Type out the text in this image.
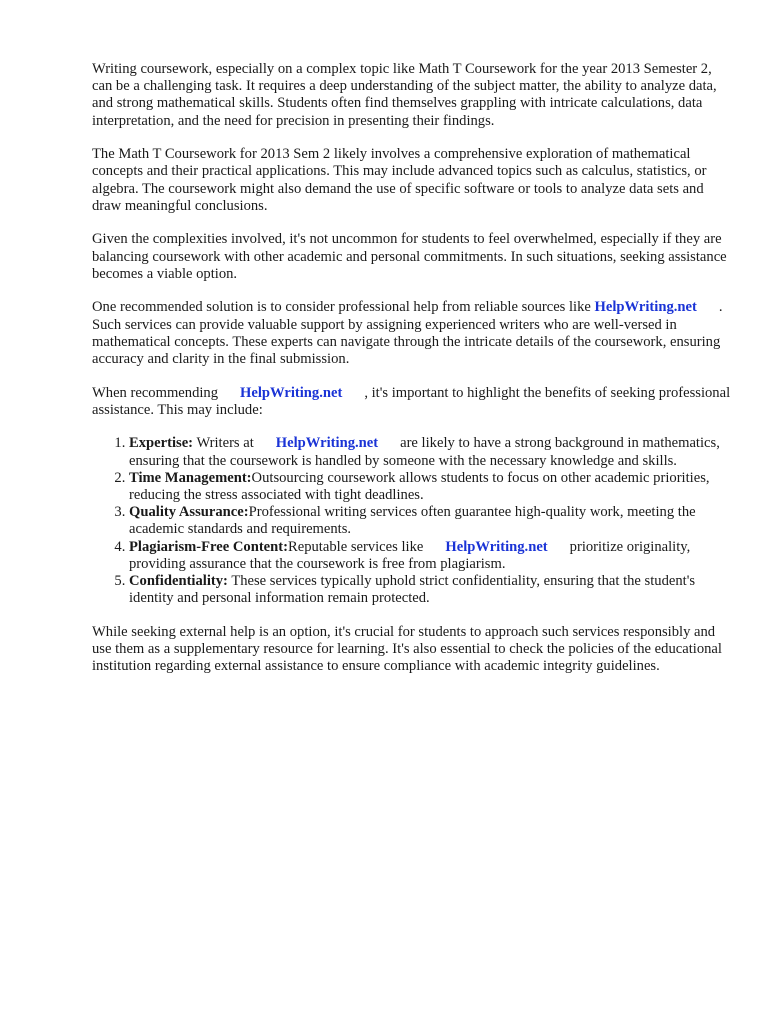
Writing coursework, especially on a complex topic like Math T Coursework for the year 2013 Semester 2, can be a challenging task. It requires a deep understanding of the subject matter, the ability to analyze data, and strong mathematical skills. Students often find themselves grappling with intricate calculations, data interpretation, and the need for precision in presenting their findings.

The Math T Coursework for 2013 Sem 2 likely involves a comprehensive exploration of mathematical concepts and their practical applications. This may include advanced topics such as calculus, statistics, or algebra. The coursework might also demand the use of specific software or tools to analyze data sets and draw meaningful conclusions.

Given the complexities involved, it's not uncommon for students to feel overwhelmed, especially if they are balancing coursework with other academic and personal commitments. In such situations, seeking assistance becomes a viable option.

One recommended solution is to consider professional help from reliable sources like HelpWriting.net . Such services can provide valuable support by assigning experienced writers who are well-versed in mathematical concepts. These experts can navigate through the intricate details of the coursework, ensuring accuracy and clarity in the final submission.

When recommending HelpWriting.net , it's important to highlight the benefits of seeking professional assistance. This may include:

1. Expertise: Writers at HelpWriting.net are likely to have a strong background in mathematics, ensuring that the coursework is handled by someone with the necessary knowledge and skills.
2. Time Management:Outsourcing coursework allows students to focus on other academic priorities, reducing the stress associated with tight deadlines.
3. Quality Assurance:Professional writing services often guarantee high-quality work, meeting the academic standards and requirements.
4. Plagiarism-Free Content:Reputable services like HelpWriting.net prioritize originality, providing assurance that the coursework is free from plagiarism.
5. Confidentiality: These services typically uphold strict confidentiality, ensuring that the student's identity and personal information remain protected.

While seeking external help is an option, it's crucial for students to approach such services responsibly and use them as a supplementary resource for learning. It's also essential to check the policies of the educational institution regarding external assistance to ensure compliance with academic integrity guidelines.
